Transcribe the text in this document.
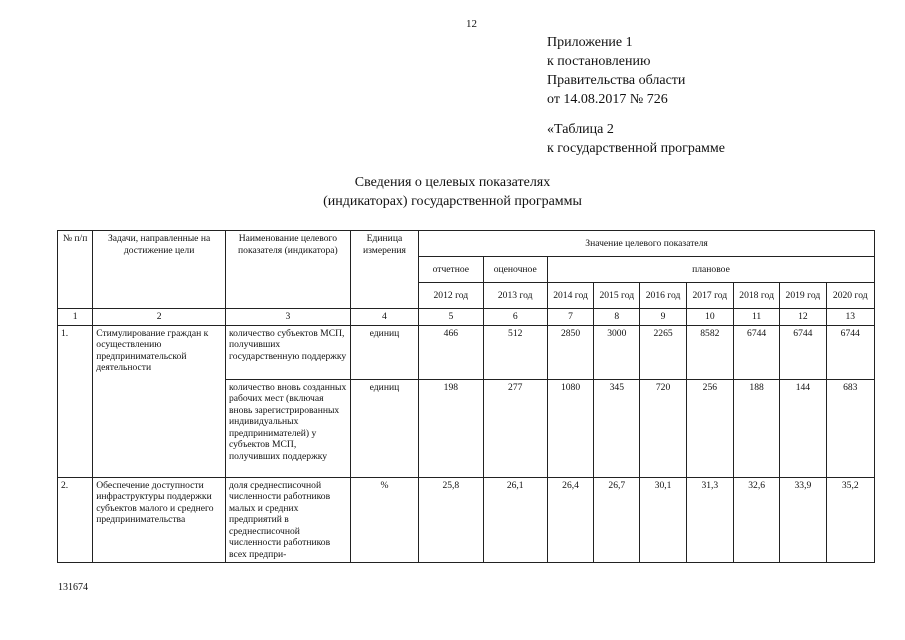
12
Приложение 1
к постановлению
Правительства области
от 14.08.2017 № 726
«Таблица 2
к государственной программе
Сведения о целевых показателях
(индикаторах) государственной программы
№ п/п	Задачи, направленные на достижение цели	Наименование целевого показателя (индикатора)	Единица измерения	Значение целевого показателя								
				отчетное	оценочное	плановое						
				2012 год	2013 год	2014 год	2015 год	2016 год	2017 год	2018 год	2019 год	2020 год
1	2	3	4	5	6	7	8	9	10	11	12	13
1.	Стимулирование граждан к осуществлению предпринимательской деятельности	количество субъектов МСП, получивших государственную поддержку	единиц	466	512	2850	3000	2265	8582	6744	6744	6744
		количество вновь созданных рабочих мест (включая вновь зарегистрированных индивидуальных предпринимателей) у субъектов МСП, получивших поддержку	единиц	198	277	1080	345	720	256	188	144	683
2.	Обеспечение доступности инфраструктуры поддержки субъектов малого и среднего предпринимательства	доля среднесписочной численности работников малых и средних предприятий в среднесписочной численности работников всех предпри-	%	25,8	26,1	26,4	26,7	30,1	31,3	32,6	33,9	35,2
131674
